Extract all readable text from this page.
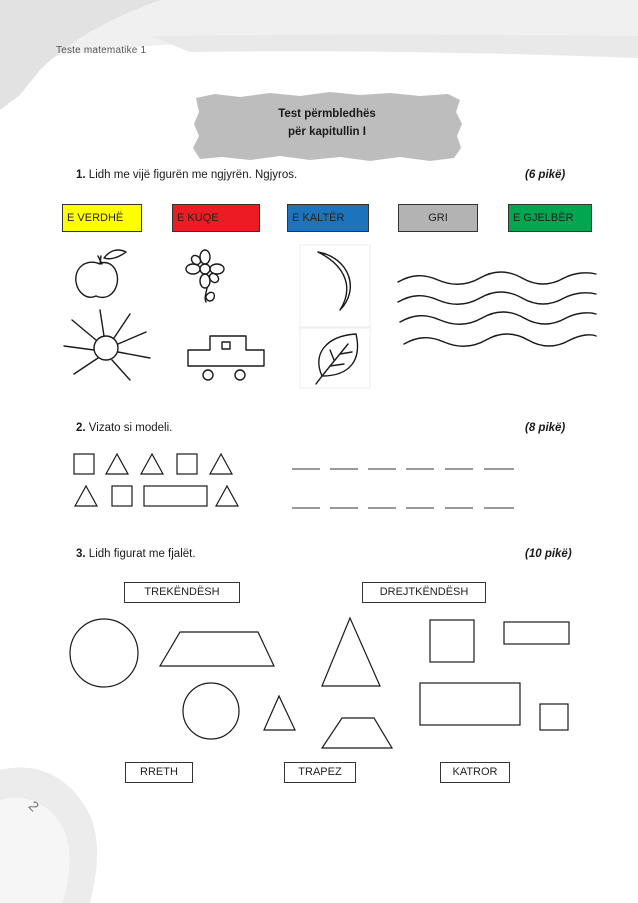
Teste matematike 1
Test përmbledhës
për kapitullin I
1. Lidh me vijë figurën me ngjyrën. Ngjyros.	(6 pikë)
E VERDHË	E KUQE	E KALTËR	GRI	E GJELBËR
2. Vizato si modeli.	(8 pikë)
3. Lidh figurat me fjalët.	(10 pikë)
TREKËNDËSH	DREJTKËNDËSH
RRETH	TRAPEZ	KATROR
2
